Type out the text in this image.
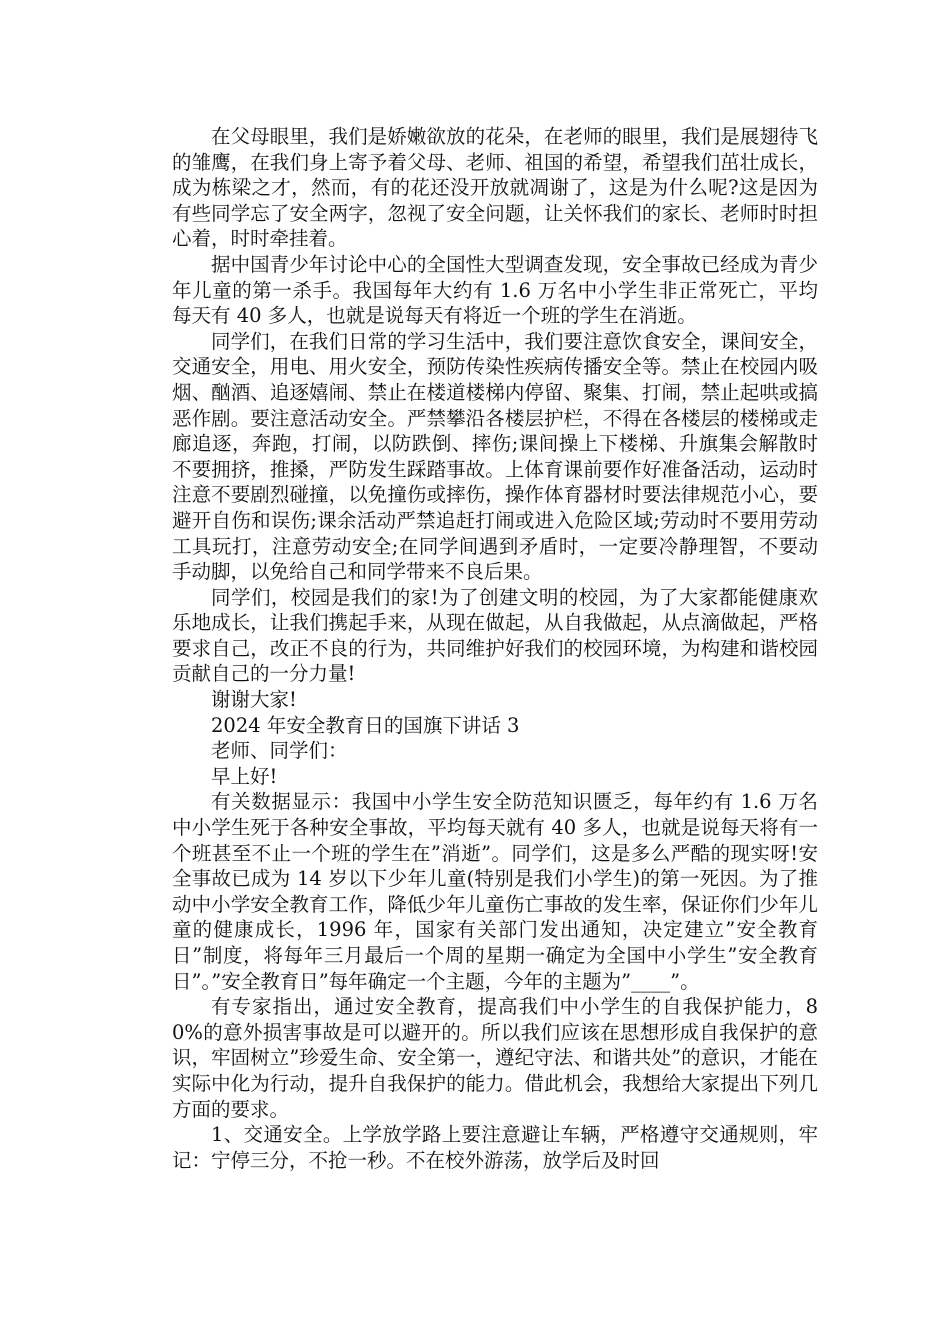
在父母眼里，我们是娇嫩欲放的花朵，在老师的眼里，我们是展翅待飞的雏鹰，在我们身上寄予着父母、老师、祖国的希望，希望我们茁壮成长，成为栋梁之才，然而，有的花还没开放就凋谢了，这是为什么呢?这是因为有些同学忘了安全两字，忽视了安全问题，让关怀我们的家长、老师时时担心着，时时牵挂着。

据中国青少年讨论中心的全国性大型调查发现，安全事故已经成为青少年儿童的第一杀手。我国每年大约有 1.6 万名中小学生非正常死亡，平均每天有 40 多人，也就是说每天有将近一个班的学生在消逝。

同学们，在我们日常的学习生活中，我们要注意饮食安全，课间安全，交通安全，用电、用火安全，预防传染性疾病传播安全等。禁止在校园内吸烟、酗酒、追逐嬉闹、禁止在楼道楼梯内停留、聚集、打闹，禁止起哄或搞恶作剧。要注意活动安全。严禁攀沿各楼层护栏，不得在各楼层的楼梯或走廊追逐，奔跑，打闹，以防跌倒、摔伤;课间操上下楼梯、升旗集会解散时不要拥挤，推搡，严防发生踩踏事故。上体育课前要作好准备活动，运动时注意不要剧烈碰撞，以免撞伤或摔伤，操作体育器材时要法律规范小心，要避开自伤和误伤;课余活动严禁追赶打闹或进入危险区域;劳动时不要用劳动工具玩打，注意劳动安全;在同学间遇到矛盾时，一定要冷静理智，不要动手动脚，以免给自己和同学带来不良后果。

同学们，校园是我们的家!为了创建文明的校园，为了大家都能健康欢乐地成长，让我们携起手来，从现在做起，从自我做起，从点滴做起，严格要求自己，改正不良的行为，共同维护好我们的校园环境，为构建和谐校园贡献自己的一分力量!

谢谢大家!

2024 年安全教育日的国旗下讲话 3

老师、同学们：

早上好!

有关数据显示：我国中小学生安全防范知识匮乏，每年约有 1.6 万名中小学生死于各种安全事故，平均每天就有 40 多人，也就是说每天将有一个班甚至不止一个班的学生在”消逝”。同学们，这是多么严酷的现实呀!安全事故已成为 14 岁以下少年儿童(特别是我们小学生)的第一死因。为了推动中小学安全教育工作，降低少年儿童伤亡事故的发生率，保证你们少年儿童的健康成长，1996 年，国家有关部门发出通知，决定建立”安全教育日”制度，将每年三月最后一个周的星期一确定为全国中小学生”安全教育日”。”安全教育日”每年确定一个主题，今年的主题为”____”。

有专家指出，通过安全教育，提高我们中小学生的自我保护能力，80%的意外损害事故是可以避开的。所以我们应该在思想形成自我保护的意识，牢固树立”珍爱生命、安全第一，遵纪守法、和谐共处”的意识，才能在实际中化为行动，提升自我保护的能力。借此机会，我想给大家提出下列几方面的要求。

1、交通安全。上学放学路上要注意避让车辆，严格遵守交通规则，牢记：宁停三分，不抢一秒。不在校外游荡，放学后及时回
